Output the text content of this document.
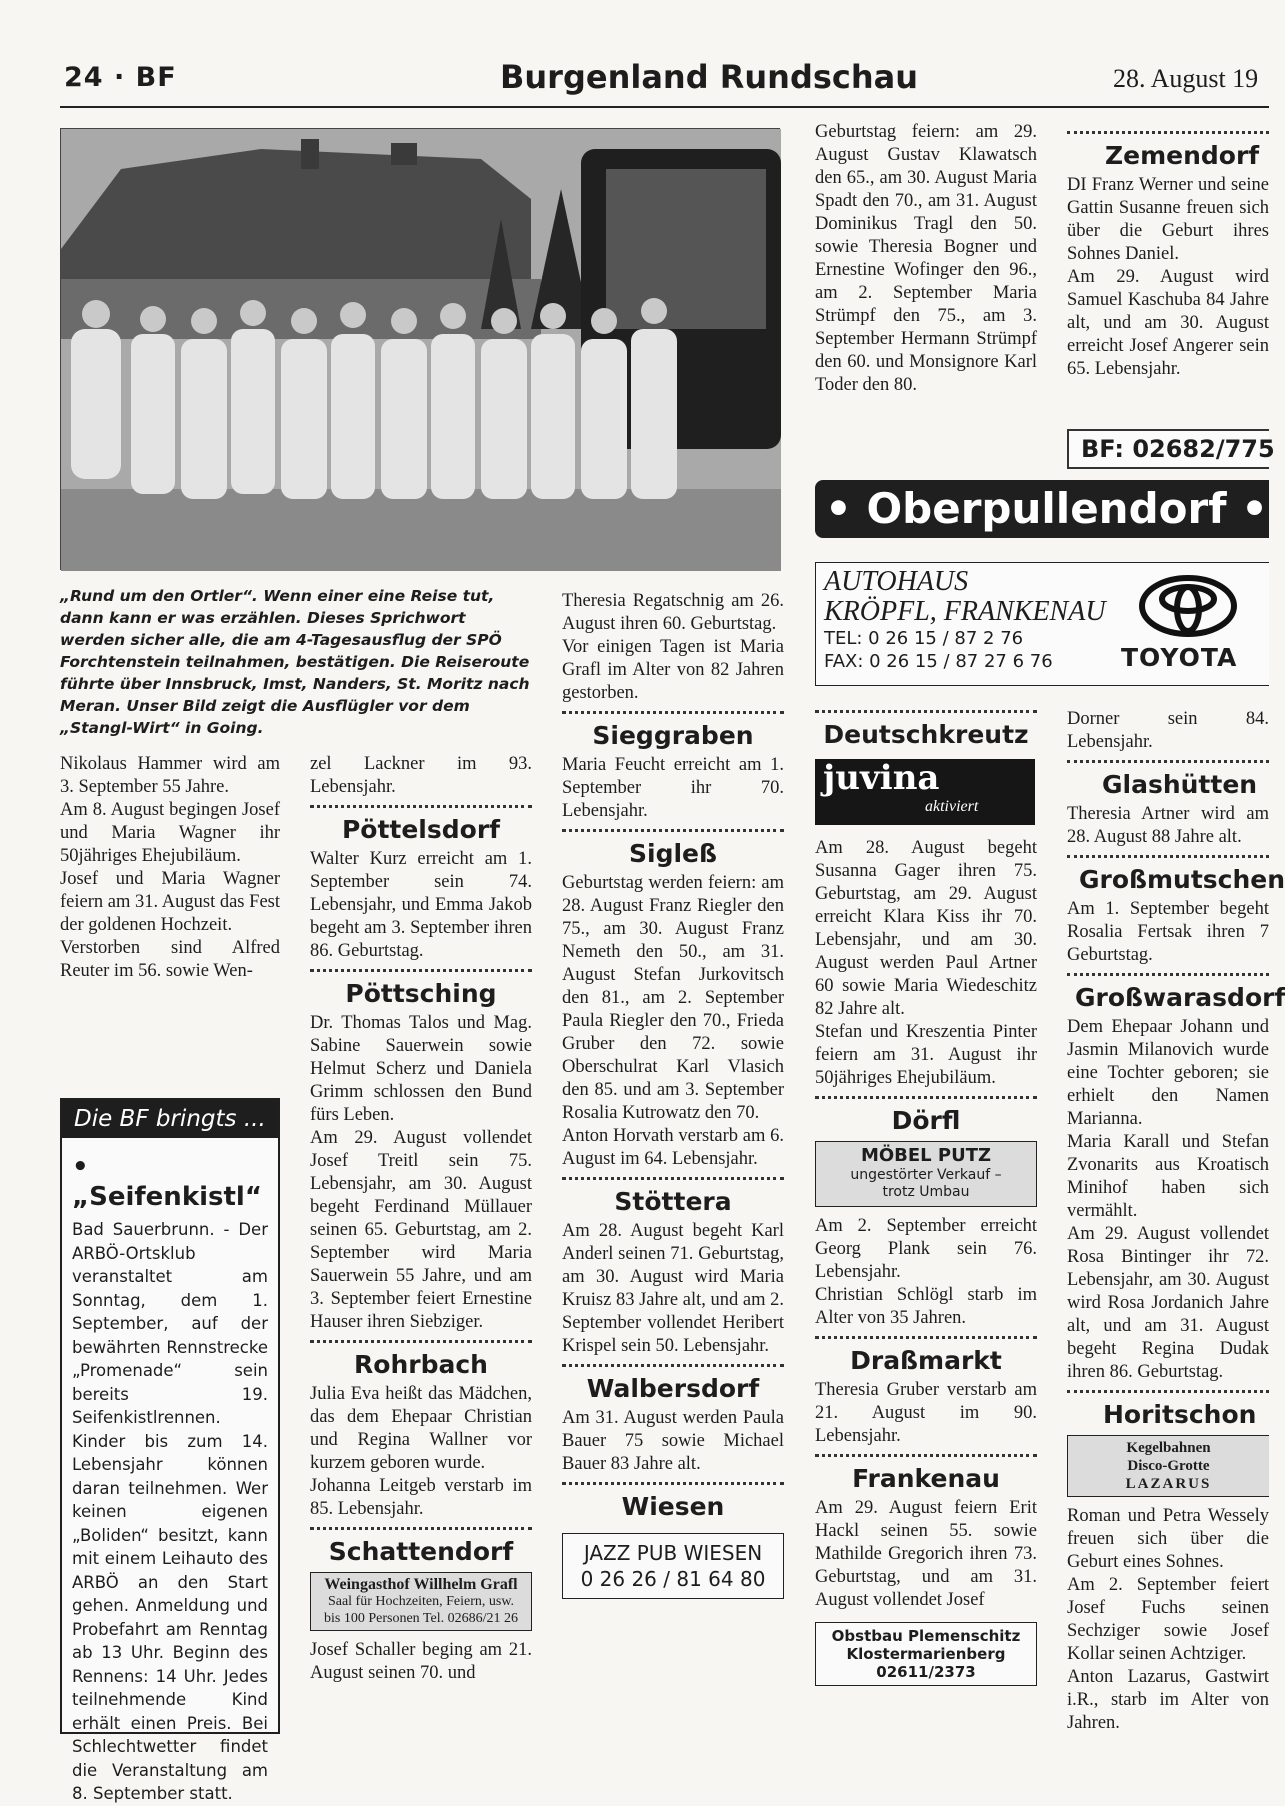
24 · BF	Burgenland Rundschau	28. August 19
„Rund um den Ortler“. Wenn einer eine Reise tut, dann kann er was erzählen. Dieses Sprichwort werden sicher alle, die am 4-Tagesausflug der SPÖ Forchtenstein teilnahmen, bestätigen. Die Reiseroute führte über Innsbruck, Imst, Nanders, St. Moritz nach Meran. Unser Bild zeigt die Ausflügler vor dem „Stangl-Wirt“ in Going.

Nikolaus Hammer wird am 3. September 55 Jahre.

Am 8. August begingen Josef und Maria Wagner ihr 50jähriges Ehejubiläum.

Josef und Maria Wagner feiern am 31. August das Fest der goldenen Hochzeit.

Verstorben sind Alfred Reuter im 56. sowie Wen-

Die BF bringts ...
• „Seifenkistl“
Bad Sauerbrunn. - Der ARBÖ-Ortsklub veranstaltet am Sonntag, dem 1. September, auf der bewährten Rennstrecke „Promenade“ sein bereits 19. Seifenkistlrennen. Kinder bis zum 14. Lebensjahr können daran teilnehmen. Wer keinen eigenen „Boliden“ besitzt, kann mit einem Leihauto des ARBÖ an den Start gehen. Anmeldung und Probefahrt am Renntag ab 13 Uhr. Beginn des Rennens: 14 Uhr. Jedes teilnehmende Kind erhält einen Preis. Bei Schlechtwetter findet die Veranstaltung am 8. September statt.

zel Lackner im 93. Lebensjahr.

Pöttelsdorf

Walter Kurz erreicht am 1. September sein 74. Lebensjahr, und Emma Jakob begeht am 3. September ihren 86. Geburtstag.

Pöttsching

Dr. Thomas Talos und Mag. Sabine Sauerwein sowie Helmut Scherz und Daniela Grimm schlossen den Bund fürs Leben.

Am 29. August vollendet Josef Treitl sein 75. Lebensjahr, am 30. August begeht Ferdinand Müllauer seinen 65. Geburtstag, am 2. September wird Maria Sauerwein 55 Jahre, und am 3. September feiert Ernestine Hauser ihren Siebziger.

Rohrbach

Julia Eva heißt das Mädchen, das dem Ehepaar Christian und Regina Wallner vor kurzem geboren wurde.

Johanna Leitgeb verstarb im 85. Lebensjahr.

Schattendorf
Weingasthof Willhelm Grafl
Saal für Hochzeiten, Feiern, usw.
bis 100 Personen Tel. 02686/21 26

Josef Schaller beging am 21. August seinen 70. und

Theresia Regatschnig am 26. August ihren 60. Geburtstag.

Vor einigen Tagen ist Maria Grafl im Alter von 82 Jahren gestorben.

Sieggraben

Maria Feucht erreicht am 1. September ihr 70. Lebensjahr.

Sigleß

Geburtstag werden feiern: am 28. August Franz Riegler den 75., am 30. August Franz Nemeth den 50., am 31. August Stefan Jurkovitsch den 81., am 2. September Paula Riegler den 70., Frieda Gruber den 72. sowie Oberschulrat Karl Vlasich den 85. und am 3. September Rosalia Kutrowatz den 70.

Anton Horvath verstarb am 6. August im 64. Lebensjahr.

Stöttera

Am 28. August begeht Karl Anderl seinen 71. Geburtstag, am 30. August wird Maria Kruisz 83 Jahre alt, und am 2. September vollendet Heribert Krispel sein 50. Lebensjahr.

Walbersdorf

Am 31. August werden Paula Bauer 75 sowie Michael Bauer 83 Jahre alt.

Wiesen
JAZZ PUB WIESEN
0 26 26 / 81 64 80

Geburtstag feiern: am 29. August Gustav Klawatsch den 65., am 30. August Maria Spadt den 70., am 31. August Dominikus Tragl den 50. sowie Theresia Bogner und Ernestine Wofinger den 96., am 2. September Maria Strümpf den 75., am 3. September Hermann Strümpf den 60. und Monsignore Karl Toder den 80.

Zemendorf

DI Franz Werner und seine Gattin Susanne freuen sich über die Geburt ihres Sohnes Daniel.

Am 29. August wird Samuel Kaschuba 84 Jahre alt, und am 30. August erreicht Josef Angerer sein 65. Lebensjahr.

BF: 02682/775
• Oberpullendorf •
AUTOHAUS
KRÖPFL, FRANKENAU
TEL: 0 26 15 / 87 2 76
FAX: 0 26 15 / 87 27 6 76	TOYOTA
Deutschkreutz
juvina
aktiviert

Am 28. August begeht Susanna Gager ihren 75. Geburtstag, am 29. August erreicht Klara Kiss ihr 70. Lebensjahr, und am 30. August werden Paul Artner 60 sowie Maria Wiedeschitz 82 Jahre alt.

Stefan und Kreszentia Pinter feiern am 31. August ihr 50jähriges Ehejubiläum.

Dörfl
MÖBEL PUTZ
ungestörter Verkauf –
trotz Umbau

Am 2. September erreicht Georg Plank sein 76. Lebensjahr.

Christian Schlögl starb im Alter von 35 Jahren.

Draßmarkt

Theresia Gruber verstarb am 21. August im 90. Lebensjahr.

Frankenau

Am 29. August feiern Erit Hackl seinen 55. sowie Mathilde Gregorich ihren 73. Geburtstag, und am 31. August vollendet Josef

Obstbau Plemenschitz
Klostermarienberg
02611/2373

Dorner sein 84. Lebensjahr.

Glashütten

Theresia Artner wird am 28. August 88 Jahre alt.

Großmutschen

Am 1. September begeht Rosalia Fertsak ihren 7 Geburtstag.

Großwarasdorf

Dem Ehepaar Johann und Jasmin Milanovich wurde eine Tochter geboren; sie erhielt den Namen Marianna.

Maria Karall und Stefan Zvonarits aus Kroatisch Minihof haben sich vermählt.

Am 29. August vollendet Rosa Bintinger ihr 72. Lebensjahr, am 30. August wird Rosa Jordanich Jahre alt, und am 31. August begeht Regina Dudak ihren 86. Geburtstag.

Horitschon
Kegelbahnen
Disco-Grotte
LAZARUS

Roman und Petra Wessely freuen sich über die Geburt eines Sohnes.

Am 2. September feiert Josef Fuchs seinen Sechziger sowie Josef Kollar seinen Achtziger.

Anton Lazarus, Gastwirt i.R., starb im Alter von Jahren.
